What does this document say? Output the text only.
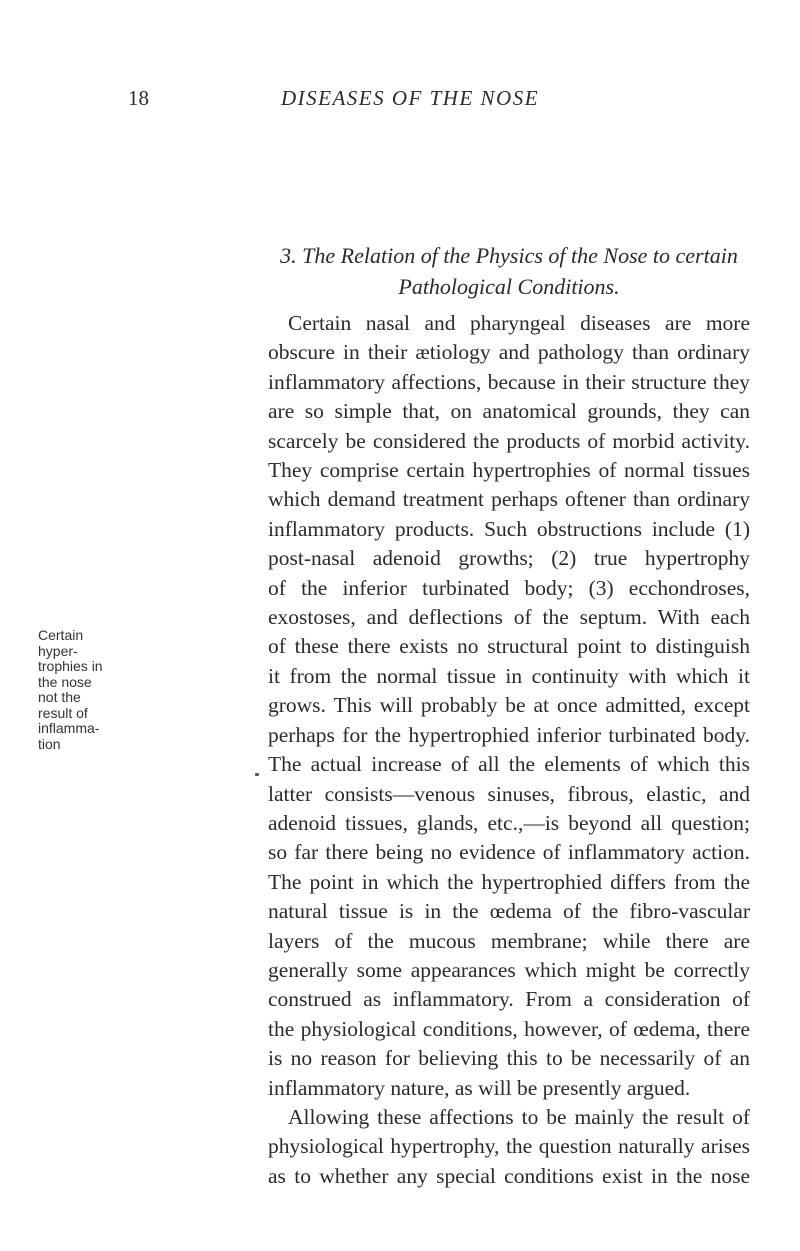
18	DISEASES OF THE NOSE
3. The Relation of the Physics of the Nose to certain
Pathological Conditions.
Certain
hyper-
trophies in
the nose
not the
result of
inflamma-
tion
Certain nasal and pharyngeal diseases are more
obscure in their ætiology and pathology than ordinary
inflammatory affections, because in their structure they
are so simple that, on anatomical grounds, they can
scarcely be considered the products of morbid activity.
They comprise certain hypertrophies of normal tissues
which demand treatment perhaps oftener than ordinary
inflammatory products. Such obstructions include (1)
post-nasal adenoid growths; (2) true hypertrophy
of the inferior turbinated body; (3) ecchondroses,
exostoses, and deflections of the septum. With each
of these there exists no structural point to distinguish
it from the normal tissue in continuity with which it
grows. This will probably be at once admitted, except
perhaps for the hypertrophied inferior turbinated body.
The actual increase of all the elements of which this
latter consists—venous sinuses, fibrous, elastic, and
adenoid tissues, glands, etc.,—is beyond all question;
so far there being no evidence of inflammatory action.
The point in which the hypertrophied differs from the
natural tissue is in the œdema of the fibro-vascular
layers of the mucous membrane; while there are
generally some appearances which might be correctly
construed as inflammatory. From a consideration of
the physiological conditions, however, of œdema, there
is no reason for believing this to be necessarily of an
inflammatory nature, as will be presently argued.
Allowing these affections to be mainly the result of
physiological hypertrophy, the question naturally arises
as to whether any special conditions exist in the nose
